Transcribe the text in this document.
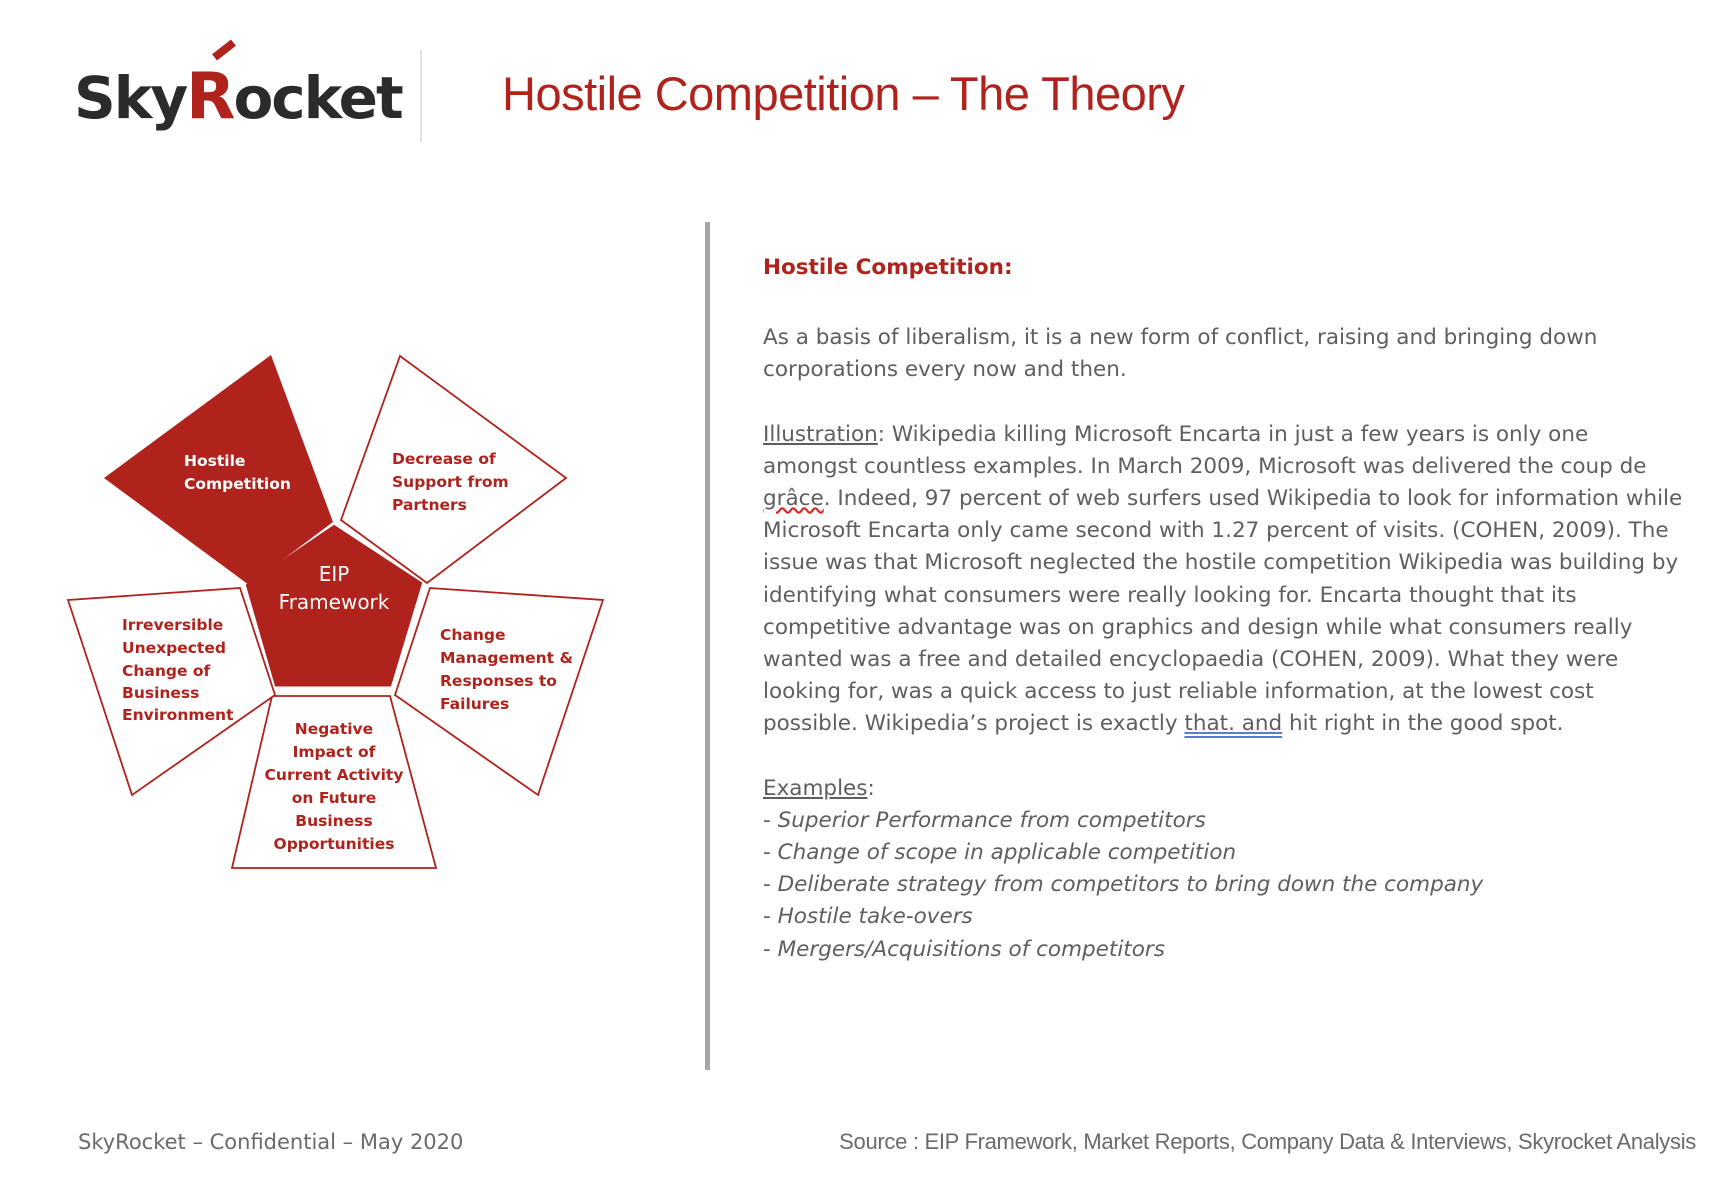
SkyRocket Hostile Competition – The Theory
EIP
Framework
Hostile
Competition
Decrease of
Support from
Partners
Change
Management &
Responses to
Failures
Negative
Impact of
Current Activity
on Future
Business
Opportunities
Irreversible
Unexpected
Change of
Business
Environment

Hostile Competition:

As a basis of liberalism, it is a new form of conflict, raising and bringing down corporations every now and then.

Illustration: Wikipedia killing Microsoft Encarta in just a few years is only one amongst countless examples. In March 2009, Microsoft was delivered the coup de grâce. Indeed, 97 percent of web surfers used Wikipedia to look for information while Microsoft Encarta only came second with 1.27 percent of visits. (COHEN, 2009). The issue was that Microsoft neglected the hostile competition Wikipedia was building by identifying what consumers were really looking for. Encarta thought that its competitive advantage was on graphics and design while what consumers really wanted was a free and detailed encyclopaedia (COHEN, 2009). What they were looking for, was a quick access to just reliable information, at the lowest cost possible. Wikipedia’s project is exactly that. and hit right in the good spot.

Examples:

- Superior Performance from competitors
- Change of scope in applicable competition
- Deliberate strategy from competitors to bring down the company
- Hostile take-overs
- Mergers/Acquisitions of competitors
SkyRocket – Confidential – May 2020	Source : EIP Framework, Market Reports, Company Data & Interviews, Skyrocket Analysis
